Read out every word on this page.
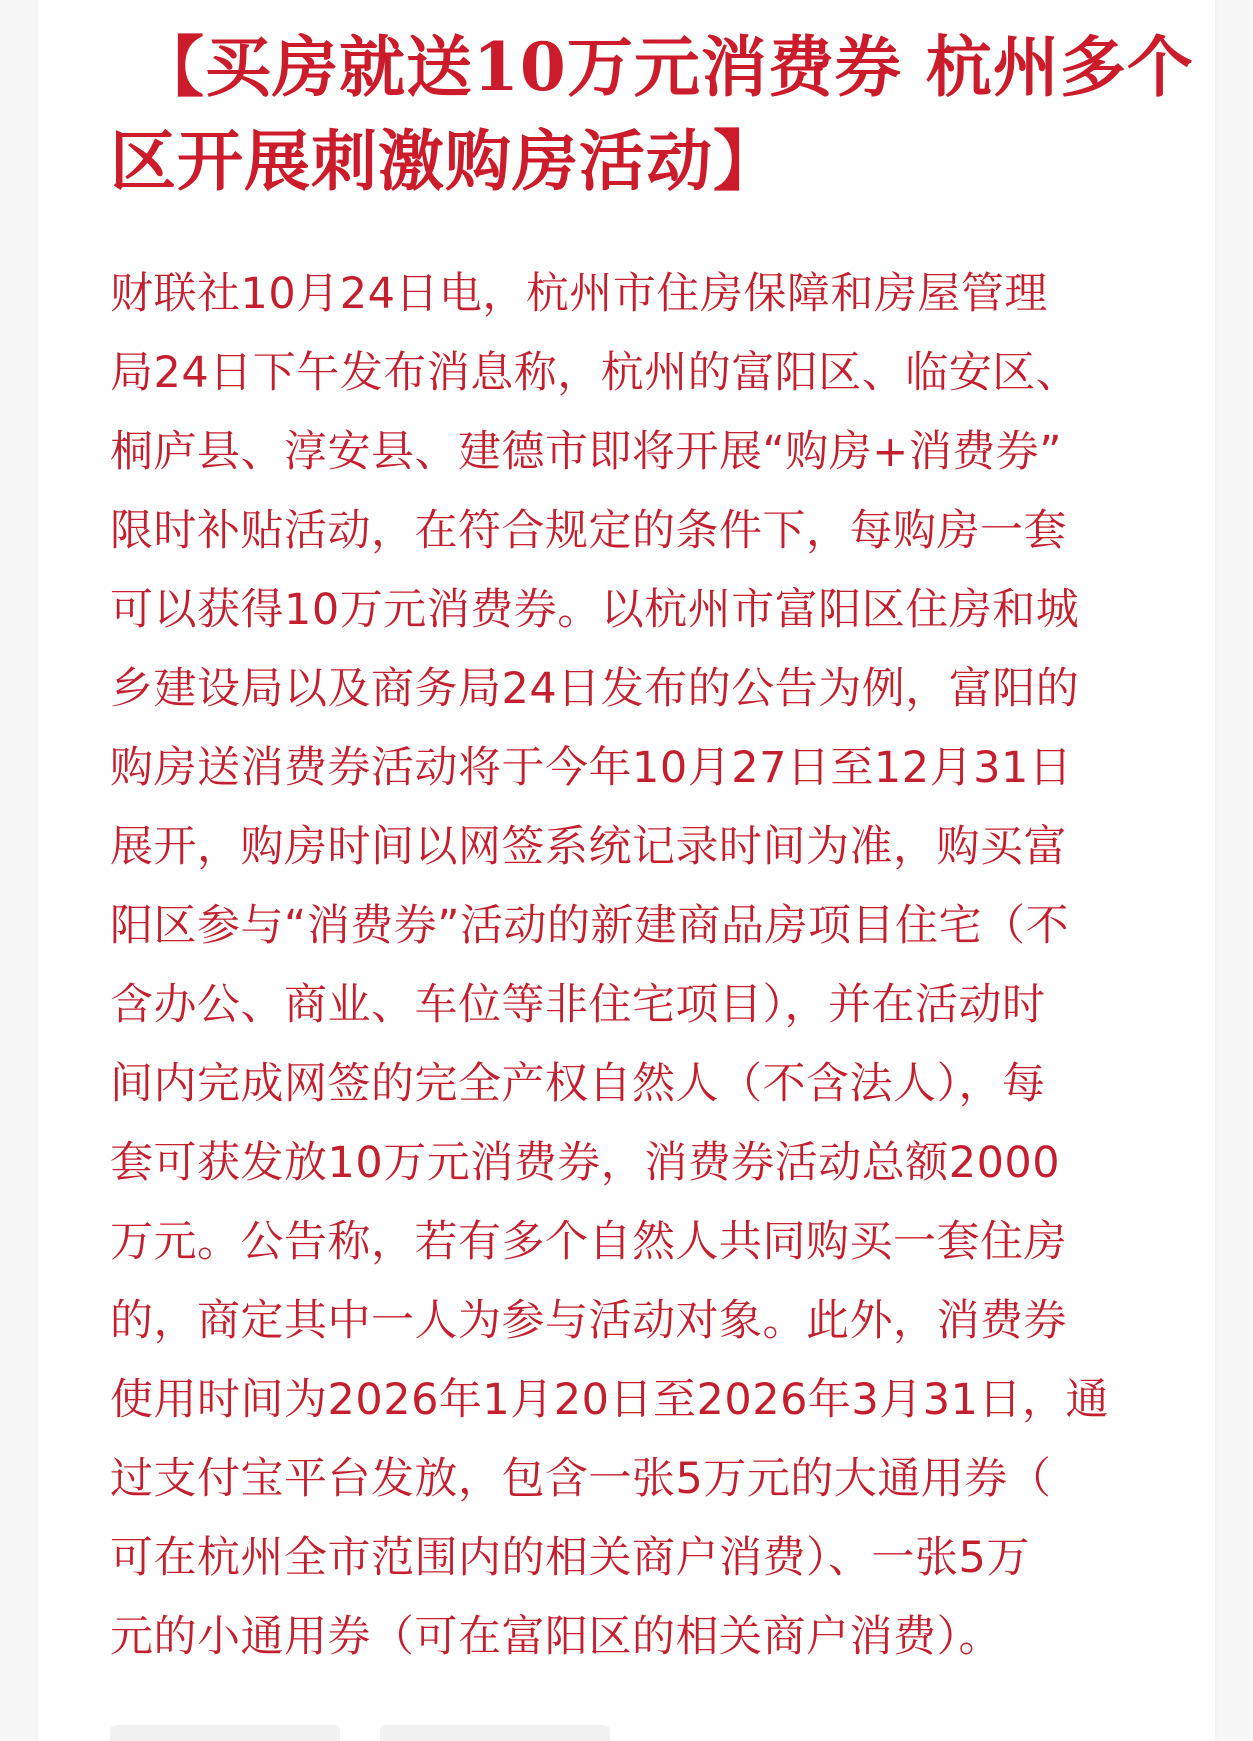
【买房就送10万元消费券 杭州多个
区开展刺激购房活动】
财联社10月24日电，杭州市住房保障和房屋管理
局24日下午发布消息称，杭州的富阳区、临安区、
桐庐县、淳安县、建德市即将开展“购房+消费券”
限时补贴活动，在符合规定的条件下，每购房一套
可以获得10万元消费券。以杭州市富阳区住房和城
乡建设局以及商务局24日发布的公告为例，富阳的
购房送消费券活动将于今年10月27日至12月31日
展开，购房时间以网签系统记录时间为准，购买富
阳区参与“消费券”活动的新建商品房项目住宅（不
含办公、商业、车位等非住宅项目），并在活动时
间内完成网签的完全产权自然人（不含法人），每
套可获发放10万元消费券，消费券活动总额2000
万元。公告称，若有多个自然人共同购买一套住房
的，商定其中一人为参与活动对象。此外，消费券
使用时间为2026年1月20日至2026年3月31日，通
过支付宝平台发放，包含一张5万元的大通用券（
可在杭州全市范围内的相关商户消费）、一张5万
元的小通用券（可在富阳区的相关商户消费）。
